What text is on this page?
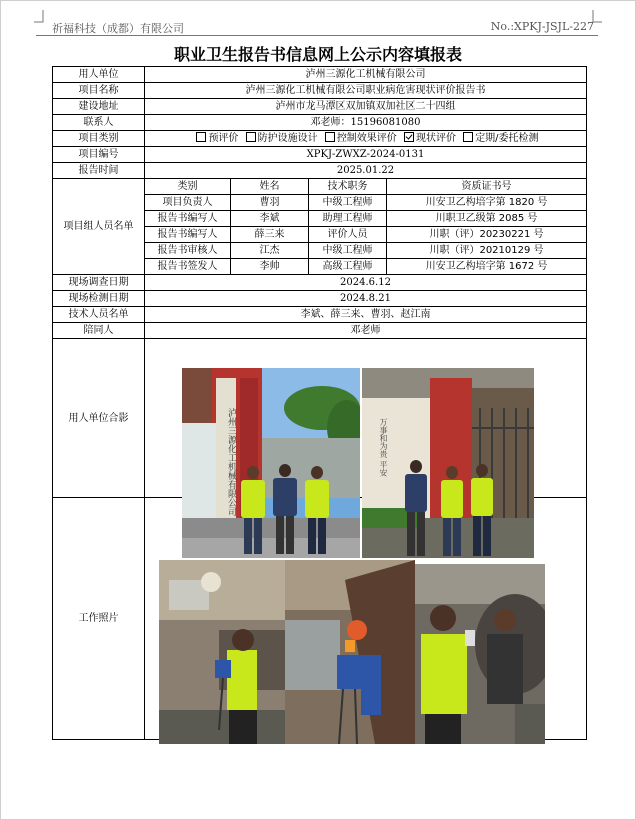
祈福科技（成都）有限公司	No.:XPKJ-JSJL-227
职业卫生报告书信息网上公示内容填报表
用人单位	泸州三源化工机械有限公司			
项目名称	泸州三源化工机械有限公司职业病危害现状评价报告书			
建设地址	泸州市龙马潭区双加镇双加社区二十四组			
联系人	邓老师：15196081080			
项目类别	预评价 防护设施设计 控制效果评价 现状评价 定期/委托检测			
项目编号	XPKJ-ZWXZ-2024-0131			
报告时间	2025.01.22			
项目组人员名单	类别	姓名	技术职务	资质证书号
	项目负责人	曹羽	中级工程师	川安卫乙构培字第 1820 号
	报告书编写人	李斌	助理工程师	川职卫乙级第 2085 号
	报告书编写人	薛三来	评价人员	川职（评）20230221 号
	报告书审核人	江杰	中级工程师	川职（评）20210129 号
	报告书签发人	李帅	高级工程师	川安卫乙构培字第 1672 号
现场调查日期	2024.6.12			
现场检测日期	2024.8.21			
技术人员名单	李斌、薛三来、曹羽、赵江南			
陪同人	邓老师			
用人单位合影				
工作照片				
泸州三源化工机械有限公司	万事和为贵 平安
